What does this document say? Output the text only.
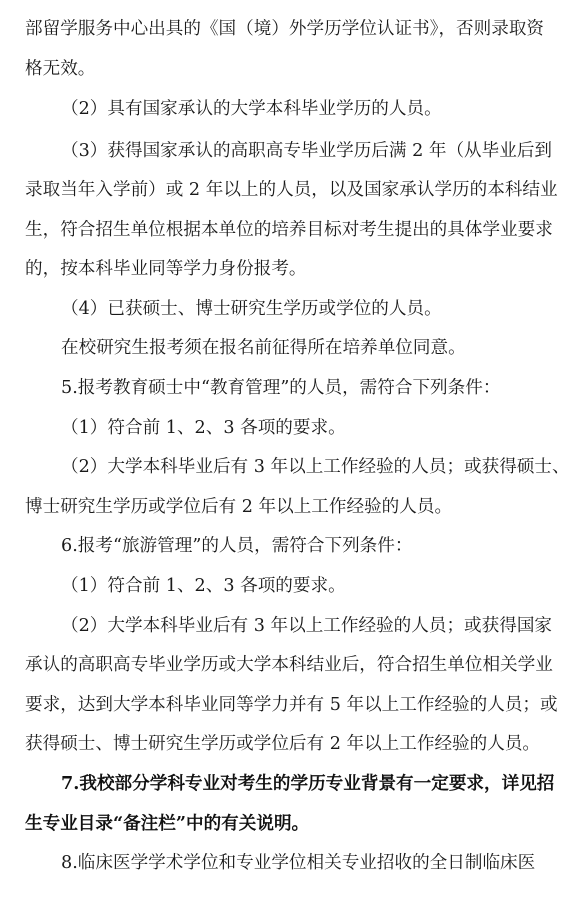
部留学服务中心出具的《国（境）外学历学位认证书》，否则录取资
格无效。
（2）具有国家承认的大学本科毕业学历的人员。
（3）获得国家承认的高职高专毕业学历后满 2 年（从毕业后到
录取当年入学前）或 2 年以上的人员，以及国家承认学历的本科结业
生，符合招生单位根据本单位的培养目标对考生提出的具体学业要求
的，按本科毕业同等学力身份报考。
（4）已获硕士、博士研究生学历或学位的人员。
在校研究生报考须在报名前征得所在培养单位同意。
5.报考教育硕士中“教育管理”的人员，需符合下列条件：
（1）符合前 1、2、3 各项的要求。
（2）大学本科毕业后有 3 年以上工作经验的人员；或获得硕士、
博士研究生学历或学位后有 2 年以上工作经验的人员。
6.报考“旅游管理”的人员，需符合下列条件：
（1）符合前 1、2、3 各项的要求。
（2）大学本科毕业后有 3 年以上工作经验的人员；或获得国家
承认的高职高专毕业学历或大学本科结业后，符合招生单位相关学业
要求，达到大学本科毕业同等学力并有 5 年以上工作经验的人员；或
获得硕士、博士研究生学历或学位后有 2 年以上工作经验的人员。
7.我校部分学科专业对考生的学历专业背景有一定要求，详见招
生专业目录“备注栏”中的有关说明。
8.临床医学学术学位和专业学位相关专业招收的全日制临床医
